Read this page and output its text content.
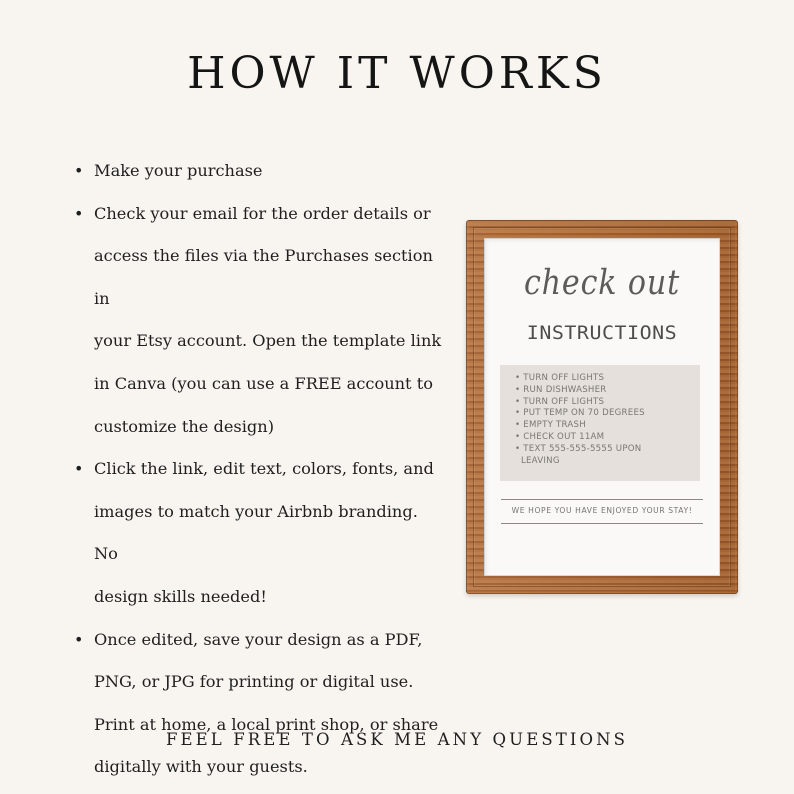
HOW IT WORKS
• Make your purchase
• Check your email for the order details or
access the files via the Purchases section in
your Etsy account. Open the template link
in Canva (you can use a FREE account to
customize the design)
• Click the link, edit text, colors, fonts, and
images to match your Airbnb branding. No
design skills needed!
• Once edited, save your design as a PDF,
PNG, or JPG for printing or digital use.
Print at home, a local print shop, or share
digitally with your guests.
check out
INSTRUCTIONS
• TURN OFF LIGHTS
• RUN DISHWASHER
• TURN OFF LIGHTS
• PUT TEMP ON 70 DEGREES
• EMPTY TRASH
• CHECK OUT 11AM
• TEXT 555-555-5555 UPON
LEAVING
WE HOPE YOU HAVE ENJOYED YOUR STAY!

FEEL FREE TO ASK ME ANY QUESTIONS
